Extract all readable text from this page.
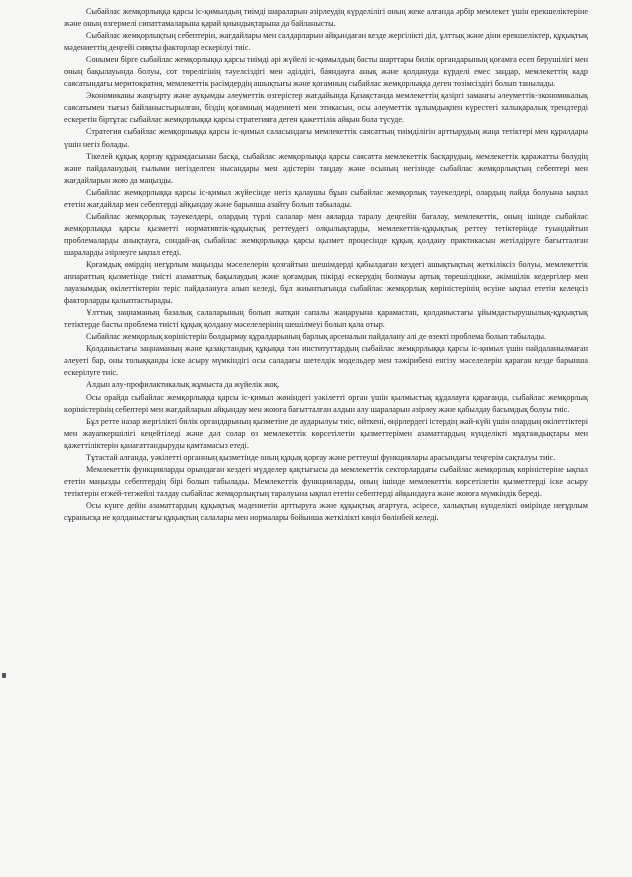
Сыбайлас жемқорлыққа қарсы іс-қимылдың тиімді шараларын әзірлеудің күрделілігі оның жеке алғанда әрбір мемлекет үшін ерекшеліктеріне және оның өзгермелі сипаттамаларына қарай қиындықтарына да байланысты.

Сыбайлас жемқорлықтың себептерін, жағдайлары мен салдарларын айқындаған кезде жергілікті діл, ұлттық және діни ерекшеліктер, құқықтық мәдениеттің деңгейі сияқты факторлар ескерілуі тиіс.

Сонымен бірге сыбайлас жемқорлыққа қарсы тиімді әрі жүйелі іс-қимылдың басты шарттары билік органдарының қоғамға есеп берушілігі мен оның бақылауында болуы, сот төрелігінің тәуелсіздігі мен әділдігі, баяндауға анық және қолдануда күрделі емес заңдар, мемлекеттің кадр саясатындағы меритократия, мемлекеттік рәсімдердің ашықтығы және қоғамның сыбайлас жемқорлыққа деген төзімсіздігі болып танылады.

Экономиканы жаңғырту және ауқымды әлеуметтік өзгерістер жағдайында Қазақстанда мемлекеттің қазіргі заманғы әлеуметтік-экономикалық саясатымен тығыз байланыстырылған, біздің қоғамның мәдениеті мен этикасын, осы әлеуметтік зұлымдықпен күрестегі халықаралық трендтерді ескеретін біртұтас сыбайлас жемқорлыққа қарсы стратегияға деген қажеттілік айқын бола түсуде.

Стратегия сыбайлас жемқорлыққа қарсы іс-қимыл саласындағы мемлекеттік саясаттың тиімділігін арттырудың жаңа тетіктері мен құралдары үшін негіз болады.

Тікелей құқық қорғау құрамдасынан басқа, сыбайлас жемқорлыққа қарсы саясатта мемлекеттік басқарудың, мемлекеттік қаражатты бөлудің және пайдаланудың ғылыми негізделген нысандары мен әдістерін таңдау және осының негізінде сыбайлас жемқорлықтың себептері мен жағдайларын жою да маңызды.

Сыбайлас жемқорлыққа қарсы іс-қимыл жүйесінде негіз қалаушы бұын сыбайлас жемқорлық тәуекелдері, олардың пайда болуына ықпал ететін жағдайлар мен себептерді айқындау және барынша азайту болып табылады.

Сыбайлас жемқорлық тәуекелдері, олардың түрлі салалар мен аяларда таралу деңгейін бағалау, мемлекеттік, оның ішінде сыбайлас жемқорлыққа қарсы қызметті нормативтік-құқықтық реттеудегі олқылықтарды, мемлекеттік-құқықтық реттеу тетіктерінде туындайтын проблемаларды анықтауға, сондай-ақ сыбайлас жемқорлыққа қарсы қызмет процесінде құқық қолдану практикасын жетілдіруге бағытталған шараларды әзірлеуге ықпал етеді.

Қоғамдық өмірдің неғұрлым маңызды мәселелерін қозғайтын шешімдерді қабылдаған кездегі ашықтықтың жеткіліксіз болуы, мемлекеттік аппараттың қызметінде тиісті азаматтық бақылаудың және қоғамдық пікірді ескерудің болмауы артық төрешілдікке, әкімшілік кедергілер мен лауазымдық өкілеттіктерін теріс пайдалануға алып келеді, бұл жиынтығында сыбайлас жемқорлық көріністерінің өсуіне ықпал ететін келеңсіз факторларды қалыптастырады.

Ұлттық заңнаманың базалық салаларының болып жатқан сапалы жаңаруына қарамастан, қолданыстағы ұйымдастырушылық-құқықтық тетіктерде басты проблема тиісті құқық қолдану мәселелерінің шешілмеуі болып қала отыр.

Сыбайлас жемқорлық көріністерін болдырмау құралдарының барлық арсеналын пайдалану әлі де өзекті проблема болып табылады.

Қолданыстағы заңнаманың және қазақстандық құқыққа тән институттардың сыбайлас жемқорлыққа қарсы іс-қимыл үшін пайдаланылмаған әлеуеті бар, оны толыққанды іске асыру мүмкіндігі осы саладағы шетелдік модельдер мен тәжірибені енгізу мәселелерін қараған кезде барынша ескерілуге тиіс.

Алдын алу-профилактикалық жұмыста да жүйелік жоқ.

Осы орайда сыбайлас жемқорлыққа қарсы іс-қимыл жөніндегі уәкілетті орган үшін қылмыстық құдалауға қарағанда, сыбайлас жемқорлық көріністерінің себептері мен жағдайларын айқындау мен жоюға бағытталған алдын алу шараларын әзірлеу және қабылдау басымдық болуы тиіс.

Бұл ретте назар жергілікті билік органдарының қызметіне де аударылуы тиіс, өйткені, өңірлердегі істердің жай-күйі үшін олардың өкілеттіктері мен жауапкершілігі кеңейтіледі және дәл солар өз мемлекеттік көрсетілетін қызметтерімен азаматтардың күнделікті мұқтаждықтары мен қажеттіліктерін қанағаттандыруды қамтамасыз етеді.

Тұтастай алғанда, уәкілетті органның қызметінде оның құқық қорғау және реттеуші функциялары арасындағы теңгерім сақталуы тиіс.

Мемлекеттік функцияларды орындаған кездегі мүдделер қақтығысы да мемлекеттік секторлардағы сыбайлас жемқорлық көріністеріне ықпал ететін маңызды себептердің бірі болып табылады. Мемлекеттік функцияларды, оның ішінде мемлекеттік көрсетілетін қызметтерді іске асыру тетіктерін егжей-тегжейлі талдау сыбайлас жемқорлықтың таралуына ықпал ететін себептерді айқындауға және жоюға мүмкіндік береді.

Осы күнге дейін азаматтардың құқықтық мәдениетін арттыруға және құқықтық ағартуға, әсіресе, халықтың күнделікті өмірінде неғұрлым сұранысқа ие қолданыстағы құқықтың салалары мен нормалары бойынша жеткілікті көңіл бөлінбей келеді.
